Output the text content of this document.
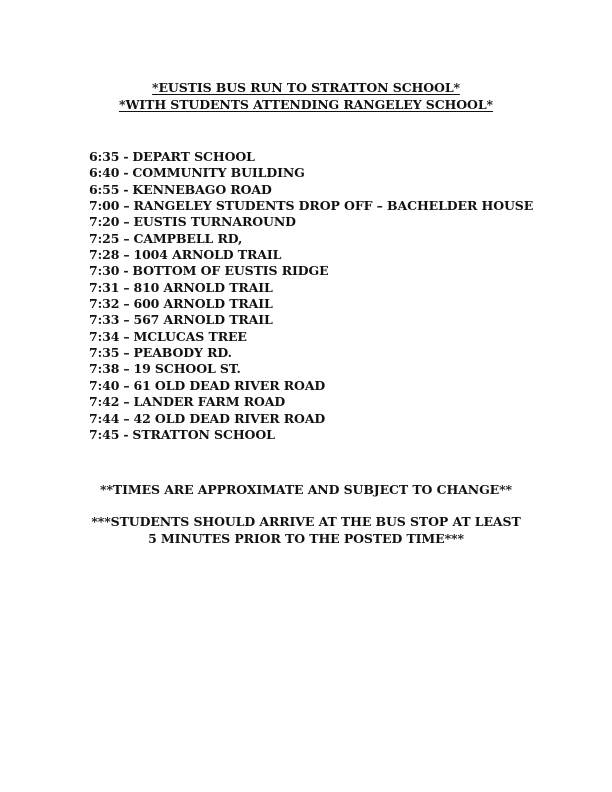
*EUSTIS BUS RUN TO STRATTON SCHOOL*
*WITH STUDENTS ATTENDING RANGELEY SCHOOL*
6:35 - DEPART SCHOOL
6:40 - COMMUNITY BUILDING
6:55 - KENNEBAGO ROAD
7:00 – RANGELEY STUDENTS DROP OFF – BACHELDER HOUSE
7:20 – EUSTIS TURNAROUND
7:25 – CAMPBELL RD,
7:28 – 1004 ARNOLD TRAIL
7:30 - BOTTOM OF EUSTIS RIDGE
7:31 – 810 ARNOLD TRAIL
7:32 – 600 ARNOLD TRAIL
7:33 – 567 ARNOLD TRAIL
7:34 – MCLUCAS TREE
7:35 – PEABODY RD.
7:38 – 19 SCHOOL ST.
7:40 – 61 OLD DEAD RIVER ROAD
7:42 – LANDER FARM ROAD
7:44 – 42 OLD DEAD RIVER ROAD
7:45 - STRATTON SCHOOL
**TIMES ARE APPROXIMATE AND SUBJECT TO CHANGE**
***STUDENTS SHOULD ARRIVE AT THE BUS STOP AT LEAST
5 MINUTES PRIOR TO THE POSTED TIME***
